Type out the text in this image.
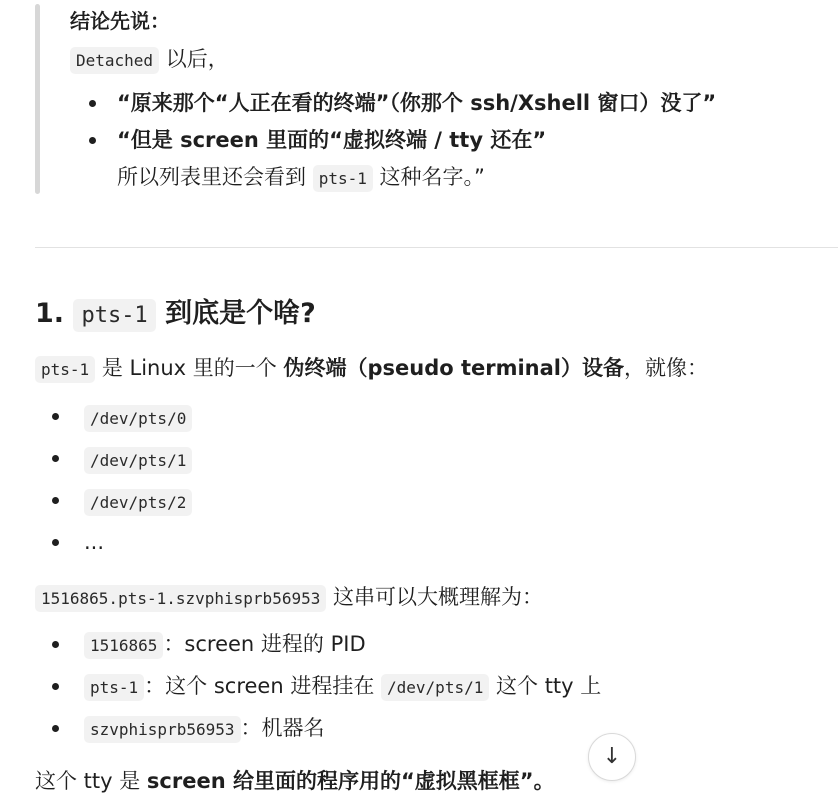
结论先说：
Detached 以后，
“原来那个“人正在看的终端”（你那个 ssh/Xshell 窗口）没了”
“但是 screen 里面的“虚拟终端 / tty 还在”
所以列表里还会看到 pts-1 这种名字。”
1. pts-1 到底是个啥?
pts-1 是 Linux 里的一个 伪终端（pseudo terminal）设备，就像：
/dev/pts/0
/dev/pts/1
/dev/pts/2
...
1516865.pts-1.szvphisprb56953 这串可以大概理解为：
1516865 ：screen 进程的 PID
pts-1 ：这个 screen 进程挂在 /dev/pts/1 这个 tty 上
szvphisprb56953 ：机器名
这个 tty 是 screen 给里面的程序用的“虚拟黑框框”。
↓
